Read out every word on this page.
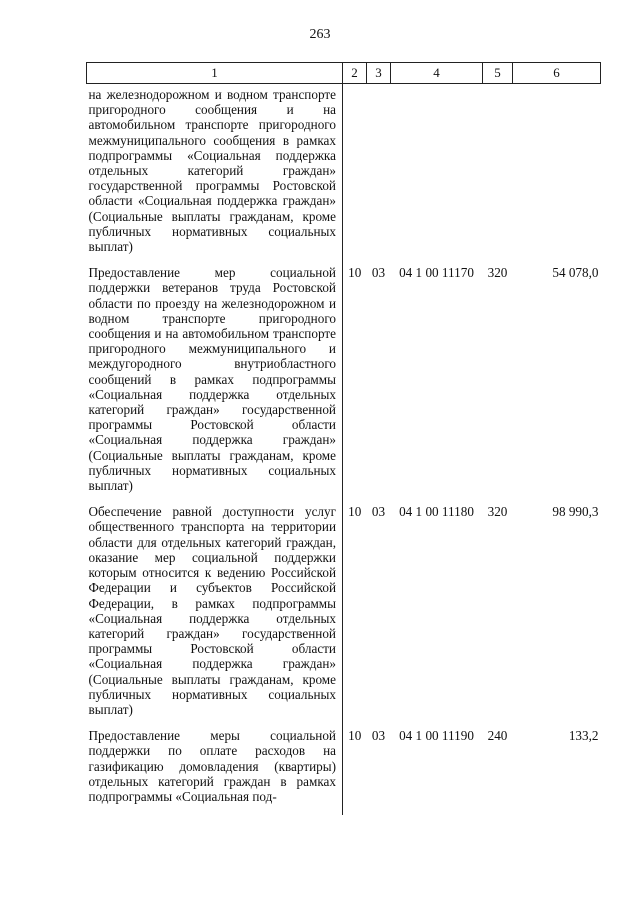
263
1	2	3	4	5	6
на железнодорожном и водном транспорте пригородного сообщения и на автомобильном транспорте пригородного межмуниципального сообщения в рамках подпрограммы «Социальная поддержка отдельных категорий граждан» государственной программы Ростовской области «Социальная поддержка граждан» (Социальные выплаты гражданам, кроме публичных нормативных социальных выплат)					
Предоставление мер социальной поддержки ветеранов труда Ростовской области по проезду на железнодорожном и водном транспорте пригородного сообщения и на автомобильном транспорте пригородного межмуниципального и междугородного внутриобластного сообщений в рамках подпрограммы «Социальная поддержка отдельных категорий граждан» государственной программы Ростовской области «Социальная поддержка граждан» (Социальные выплаты гражданам, кроме публичных нормативных социальных выплат)	10	03	04 1 00 11170	320	54 078,0
Обеспечение равной доступности услуг общественного транспорта на территории области для отдельных категорий граждан, оказание мер социальной поддержки которым относится к ведению Российской Федерации и субъектов Российской Федерации, в рамках подпрограммы «Социальная поддержка отдельных категорий граждан» государственной программы Ростовской области «Социальная поддержка граждан» (Социальные выплаты гражданам, кроме публичных нормативных социальных выплат)	10	03	04 1 00 11180	320	98 990,3
Предоставление меры социальной поддержки по оплате расходов на газификацию домовладения (квартиры) отдельных категорий граждан в рамках подпрограммы «Социальная под-	10	03	04 1 00 11190	240	133,2
